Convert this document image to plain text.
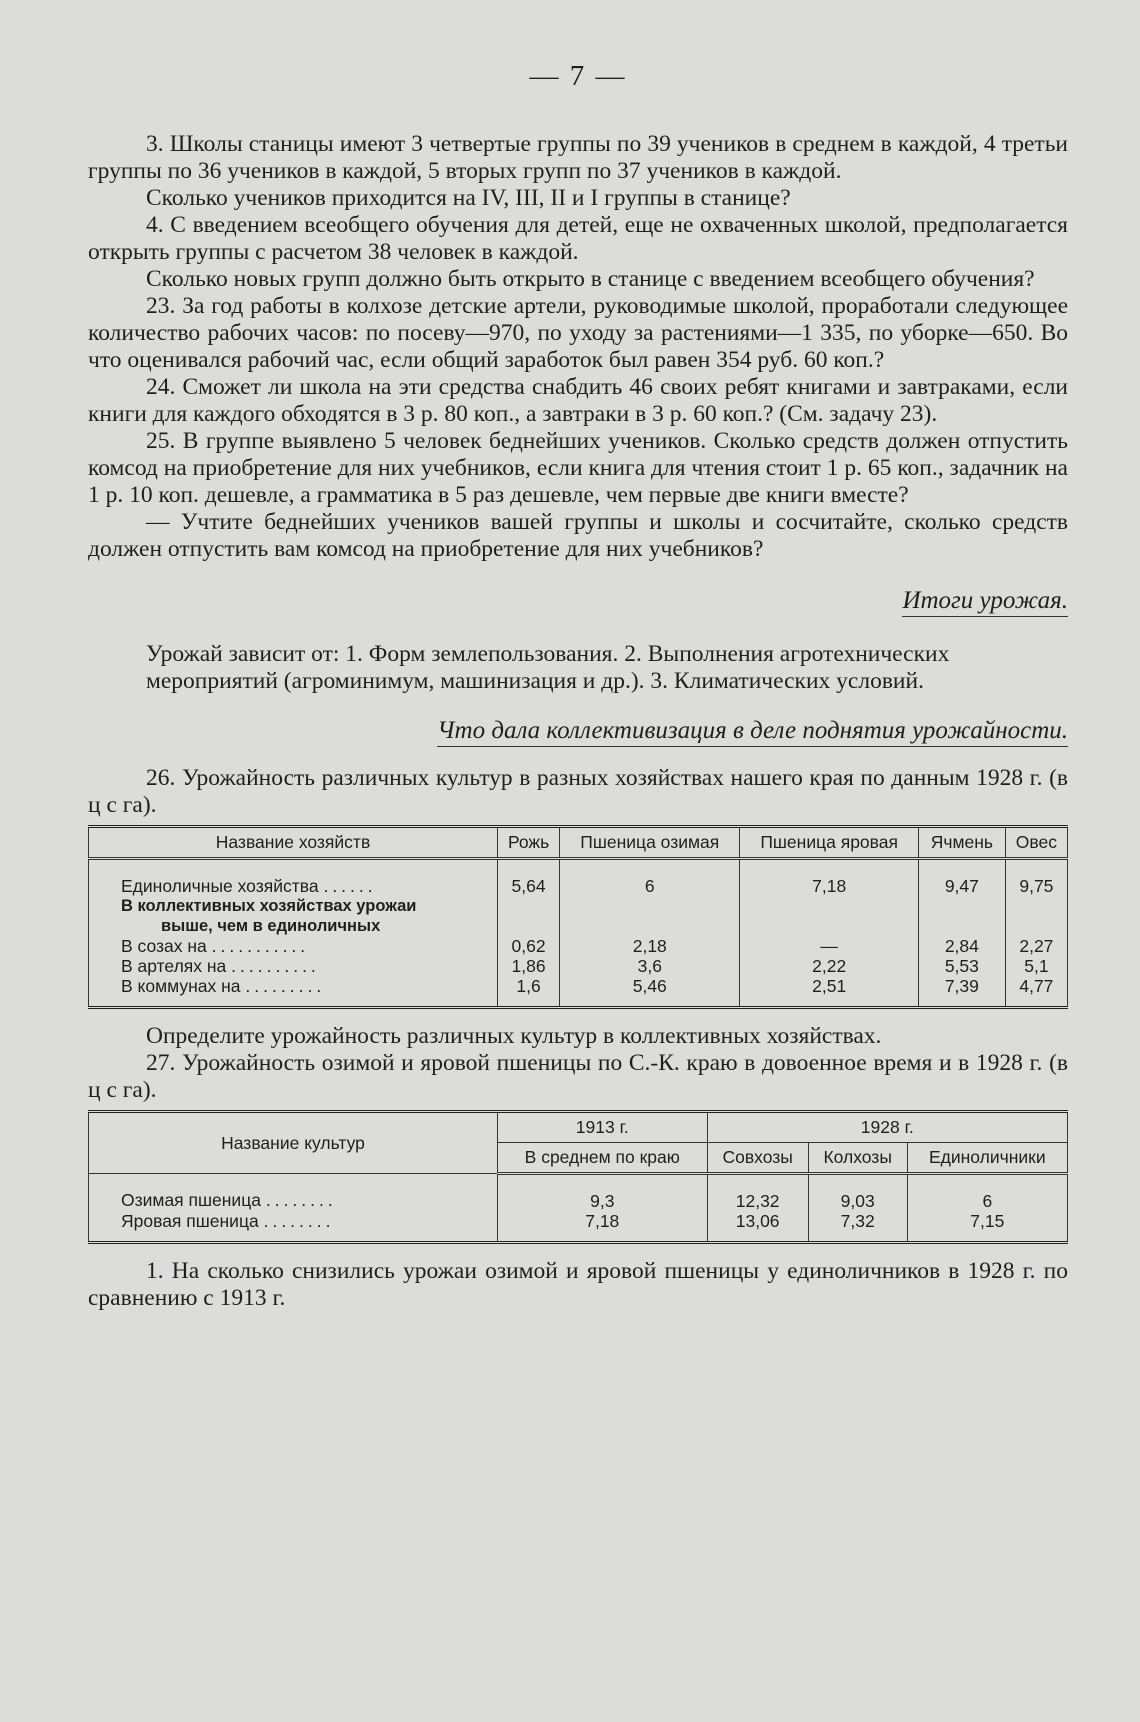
— 7 —

3. Школы станицы имеют 3 четвертые группы по 39 учеников в среднем в каждой, 4 третьи группы по 36 учеников в каждой, 5 вторых групп по 37 учеников в каждой.

Сколько учеников приходится на IV, III, II и I группы в станице?

4. С введением всеобщего обучения для детей, еще не охваченных школой, предполагается открыть группы с расчетом 38 человек в каждой.

Сколько новых групп должно быть открыто в станице с введением всеобщего обучения?

23. За год работы в колхозе детские артели, руководимые школой, проработали следующее количество рабочих часов: по посеву—970, по уходу за растениями—1 335, по уборке—650. Во что оценивался рабочий час, если общий заработок был равен 354 руб. 60 коп.?

24. Сможет ли школа на эти средства снабдить 46 своих ребят книгами и завтраками, если книги для каждого обходятся в 3 р. 80 коп., а завтраки в 3 р. 60 коп.? (См. задачу 23).

25. В группе выявлено 5 человек беднейших учеников. Сколько средств должен отпустить комсод на приобретение для них учебников, если книга для чтения стоит 1 р. 65 коп., задачник на 1 р. 10 коп. дешевле, а грамматика в 5 раз дешевле, чем первые две книги вместе?

— Учтите беднейших учеников вашей группы и школы и сосчитайте, сколько средств должен отпустить вам комсод на приобретение для них учебников?

Итоги урожая.

Урожай зависит от: 1. Форм землепользования. 2. Выполнения агротехнических мероприятий (агроминимум, машинизация и др.). 3. Климатических условий.

Что дала коллективизация в деле поднятия урожайности.

26. Урожайность различных культур в разных хозяйствах нашего края по данным 1928 г. (в ц с га).

Название хозяйств	Рожь	Пшеница озимая	Пшеница яровая	Ячмень	Овес
Единоличные хозяйства ......	5,64	6	7,18	9,47	9,75
В коллективных хозяйствах урожаи					
выше, чем в единоличных					
В созах на ...........	0,62	2,18	—	2,84	2,27
В артелях на ..........	1,86	3,6	2,22	5,53	5,1
В коммунах на .........	1,6	5,46	2,51	7,39	4,77

Определите урожайность различных культур в коллективных хозяйствах.

27. Урожайность озимой и яровой пшеницы по С.-К. краю в довоенное время и в 1928 г. (в ц с га).

Название культур	1913 г.	1928 г.		
	В среднем по краю	Совхозы	Колхозы	Единоличники
Озимая пшеница ........	9,3	12,32	9,03	6
Яровая пшеница ........	7,18	13,06	7,32	7,15

1. На сколько снизились урожаи озимой и яровой пшеницы у единоличников в 1928 г. по сравнению с 1913 г.
